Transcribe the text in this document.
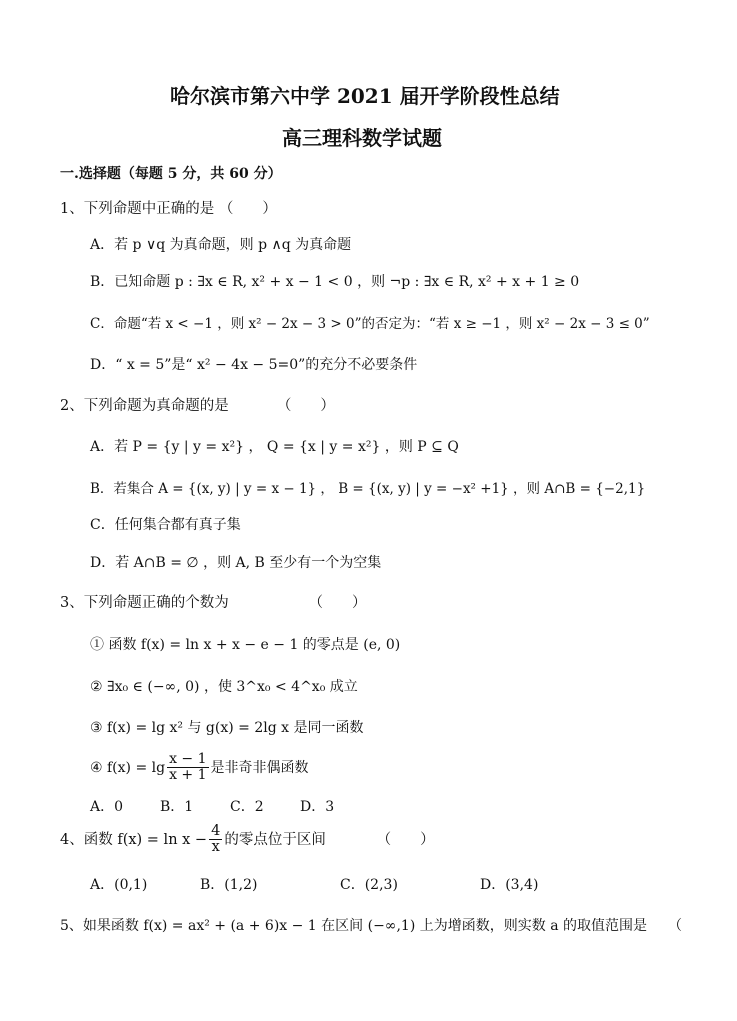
哈尔滨市第六中学 2021 届开学阶段性总结
高三理科数学试题
一.选择题（每题 5 分，共 60 分）
1、下列命题中正确的是 （　　）
A．若 p ∨q 为真命题，则 p ∧q 为真命题
B．已知命题 p : ∃x ∈ R, x² + x − 1 < 0 ，则 ¬p : ∃x ∈ R, x² + x + 1 ≥ 0
C．命题“若 x < −1 ，则 x² − 2x − 3 > 0”的否定为：“若 x ≥ −1 ，则 x² − 2x − 3 ≤ 0”
D．“ x = 5”是“ x² − 4x − 5=0”的充分不必要条件
2、下列命题为真命题的是　　　 （　　）
A．若 P = {y | y = x²} ， Q = {x | y = x²} ，则 P ⊆ Q
B．若集合 A = {(x, y) | y = x − 1} ， B = {(x, y) | y = −x² +1} ，则 A∩B = {−2,1}
C．任何集合都有真子集
D．若 A∩B = ∅ ，则 A, B 至少有一个为空集
3、下列命题正确的个数为　　　　　　（　　）
① 函数 f(x) = ln x + x − e − 1 的零点是 (e, 0)
② ∃x₀ ∈ (−∞, 0) ，使 3^x₀ < 4^x₀ 成立
③ f(x) = lg x² 与 g(x) = 2lg x 是同一函数
④ $f(x) = \lg \frac{x - 1}{x + 1}$ 是非奇非偶函数
A．0	B．1	C．2	D．3
4、函数 $f(x) = \ln x - \frac{4}{x}$ 的零点位于区间　　　　（　　）
A．(0,1)	B．(1,2)	C．(2,3)	D．(3,4)
5、如果函数 f(x) = ax² + (a + 6)x − 1 在区间 (−∞,1) 上为增函数，则实数 a 的取值范围是　　（
